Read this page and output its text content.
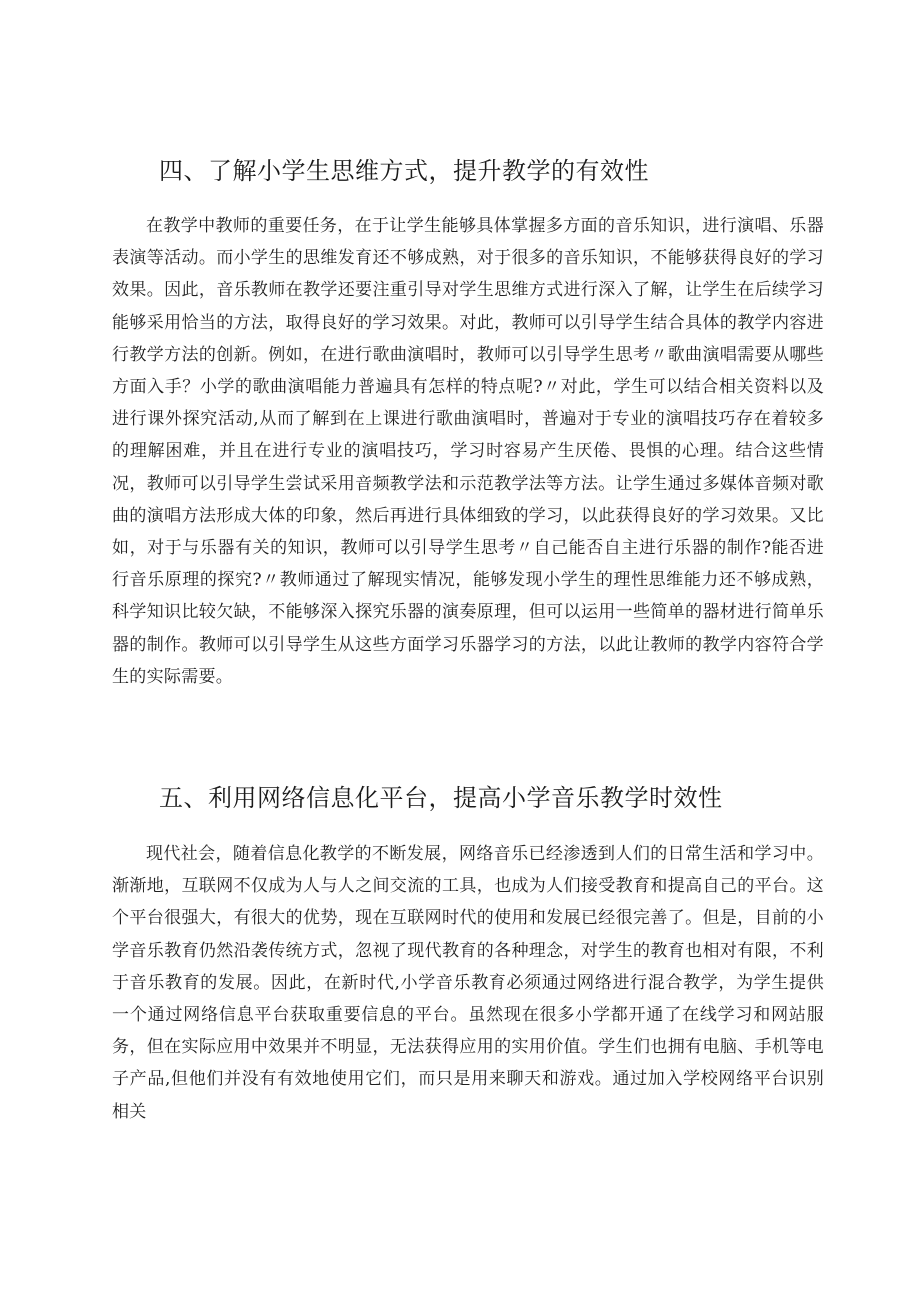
四、了解小学生思维方式，提升教学的有效性

在教学中教师的重要任务，在于让学生能够具体掌握多方面的音乐知识，进行演唱、乐器表演等活动。而小学生的思维发育还不够成熟，对于很多的音乐知识，不能够获得良好的学习效果。因此，音乐教师在教学还要注重引导对学生思维方式进行深入了解，让学生在后续学习能够采用恰当的方法，取得良好的学习效果。对此，教师可以引导学生结合具体的教学内容进行教学方法的创新。例如，在进行歌曲演唱时，教师可以引导学生思考〃歌曲演唱需要从哪些方面入手？小学的歌曲演唱能力普遍具有怎样的特点呢?〃对此，学生可以结合相关资料以及进行课外探究活动,从而了解到在上课进行歌曲演唱时，普遍对于专业的演唱技巧存在着较多的理解困难，并且在进行专业的演唱技巧，学习时容易产生厌倦、畏惧的心理。结合这些情况，教师可以引导学生尝试采用音频教学法和示范教学法等方法。让学生通过多媒体音频对歌曲的演唱方法形成大体的印象，然后再进行具体细致的学习，以此获得良好的学习效果。又比如，对于与乐器有关的知识，教师可以引导学生思考〃自己能否自主进行乐器的制作?能否进行音乐原理的探究?〃教师通过了解现实情况，能够发现小学生的理性思维能力还不够成熟，科学知识比较欠缺，不能够深入探究乐器的演奏原理，但可以运用一些简单的器材进行简单乐器的制作。教师可以引导学生从这些方面学习乐器学习的方法，以此让教师的教学内容符合学生的实际需要。

五、利用网络信息化平台，提高小学音乐教学时效性

现代社会，随着信息化教学的不断发展，网络音乐已经渗透到人们的日常生活和学习中。渐渐地，互联网不仅成为人与人之间交流的工具，也成为人们接受教育和提高自己的平台。这个平台很强大，有很大的优势，现在互联网时代的使用和发展已经很完善了。但是，目前的小学音乐教育仍然沿袭传统方式，忽视了现代教育的各种理念，对学生的教育也相对有限，不利于音乐教育的发展。因此，在新时代,小学音乐教育必须通过网络进行混合教学，为学生提供一个通过网络信息平台获取重要信息的平台。虽然现在很多小学都开通了在线学习和网站服务，但在实际应用中效果并不明显，无法获得应用的实用价值。学生们也拥有电脑、手机等电子产品,但他们并没有有效地使用它们，而只是用来聊天和游戏。通过加入学校网络平台识别相关
